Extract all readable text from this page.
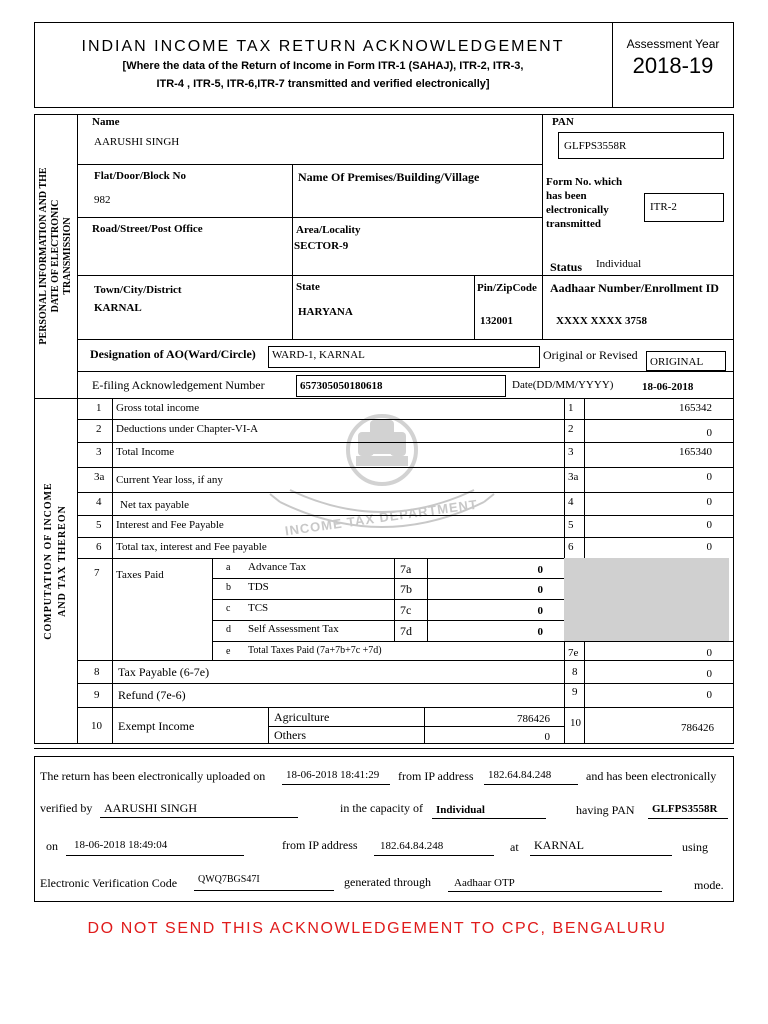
INDIAN INCOME TAX RETURN ACKNOWLEDGEMENT
[Where the data of the Return of Income in Form ITR-1 (SAHAJ), ITR-2, ITR-3,
ITR-4 , ITR-5, ITR-6,ITR-7 transmitted and verified electronically]
Assessment Year
2018-19
PERSONAL INFORMATION AND THE DATE OF ELECTRONIC TRANSMISSION
COMPUTATION OF INCOME AND TAX THEREON
Name
AARUSHI SINGH
PAN
GLFPS3558R
Flat/Door/Block No
982
Name Of Premises/Building/Village	Form No. which
has been
electronically
transmitted
ITR-2
Road/Street/Post Office	Area/Locality
SECTOR-9
Status Individual
Town/City/District
KARNAL
State
HARYANA
Pin/ZipCode
132001
Aadhaar Number/Enrollment ID
XXXX XXXX 3758
Designation of AO(Ward/Circle) WARD-1, KARNAL	Original or Revised ORIGINAL
E-filing Acknowledgement Number	657305050180618	Date(DD/MM/YYYY)	18-06-2018
INCOME TAX DEPARTMENT
1 Gross total income	1	165342
2 Deductions under Chapter-VI-A	2	0
3 Total Income	3	165340
3a Current Year loss, if any	3a	0
4 Net tax payable	4	0
5 Interest and Fee Payable	5	0
6 Total tax, interest and Fee payable	6	0
7 Taxes Paid
a Advance Tax	7a	0
b TDS	7b	0
c TCS	7c	0
d Self Assessment Tax	7d	0
e Total Taxes Paid (7a+7b+7c +7d)	7e	0
8 Tax Payable (6-7e)	8	0
9 Refund (7e-6)	9	0
10 Exempt Income
Agriculture	786426
Others	0
10	786426
The return has been electronically uploaded on 18-06-2018 18:41:29 from IP address 182.64.84.248	and has been electronically
verified by AARUSHI SINGH	in the capacity of Individual	having PAN GLFPS3558R
on 18-06-2018 18:49:04	from IP address 182.64.84.248	at KARNAL	using
Electronic Verification Code QWQ7BGS47I	generated through Aadhaar OTP	mode.
DO NOT SEND THIS ACKNOWLEDGEMENT TO CPC, BENGALURU
